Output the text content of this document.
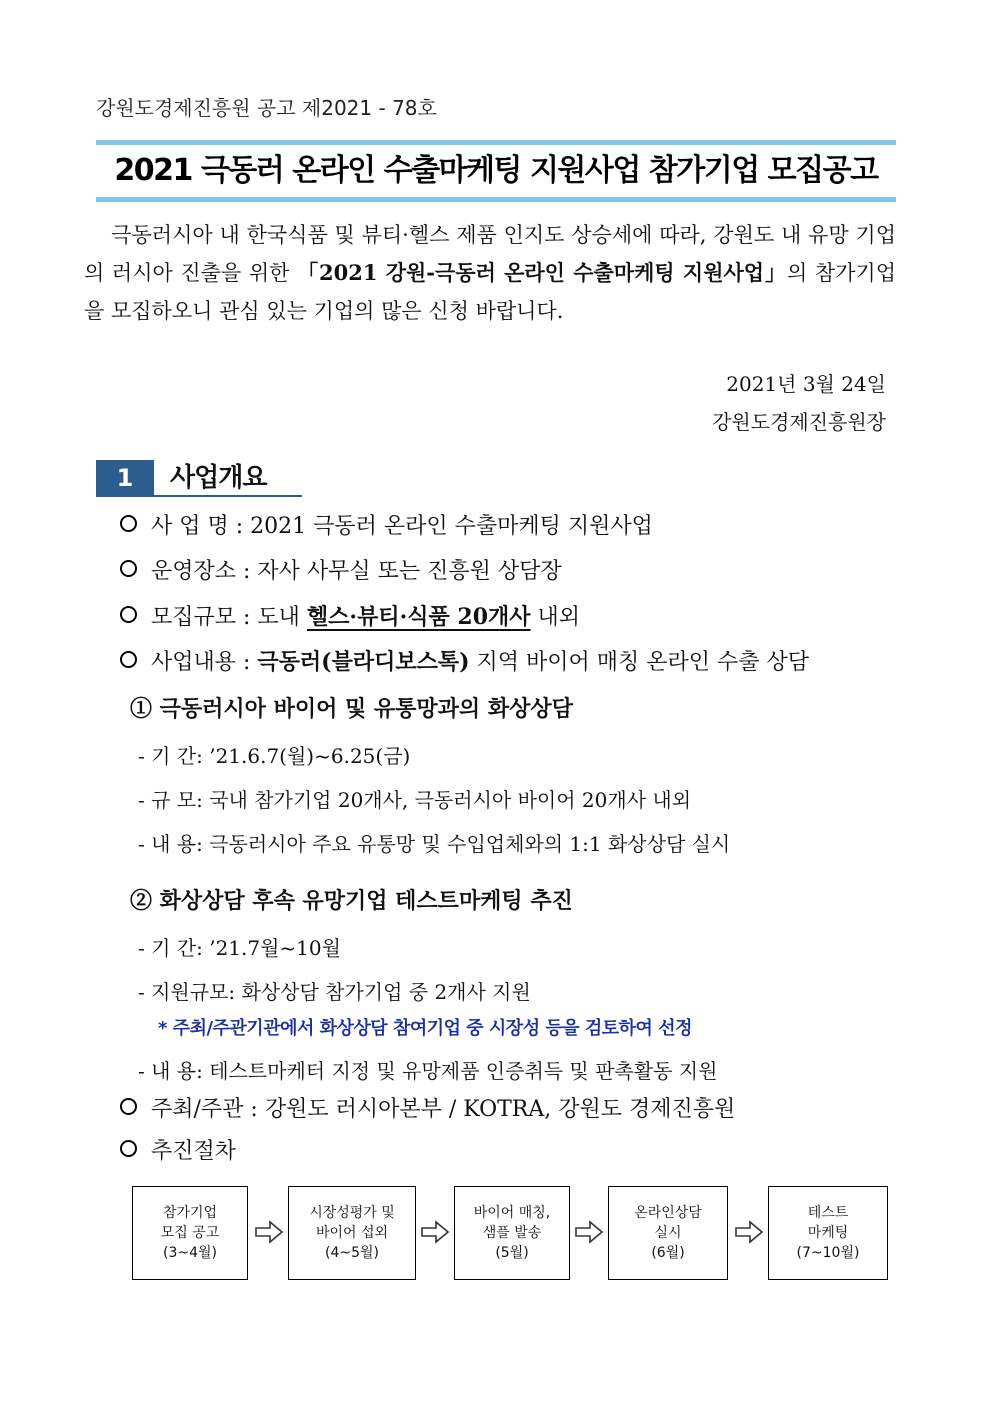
강원도경제진흥원 공고 제2021 - 78호
2021 극동러 온라인 수출마케팅 지원사업 참가기업 모집공고
극동러시아 내 한국식품 및 뷰티·헬스 제품 인지도 상승세에 따라, 강원도 내 유망 기업의 러시아 진출을 위한 「2021 강원-극동러 온라인 수출마케팅 지원사업」의 참가기업을 모집하오니 관심 있는 기업의 많은 신청 바랍니다.
2021년 3월 24일
강원도경제진흥원장
1	사업개요
사 업 명 : 2021 극동러 온라인 수출마케팅 지원사업
운영장소 : 자사 사무실 또는 진흥원 상담장
모집규모 : 도내 헬스·뷰티·식품 20개사 내외
사업내용 : 극동러(블라디보스톡) 지역 바이어 매칭 온라인 수출 상담
① 극동러시아 바이어 및 유통망과의 화상상담
- 기 간: ’21.6.7(월)~6.25(금)
- 규 모: 국내 참가기업 20개사, 극동러시아 바이어 20개사 내외
- 내 용: 극동러시아 주요 유통망 및 수입업체와의 1:1 화상상담 실시
② 화상상담 후속 유망기업 테스트마케팅 추진
- 기 간: ’21.7월~10월
- 지원규모: 화상상담 참가기업 중 2개사 지원
* 주최/주관기관에서 화상상담 참여기업 중 시장성 등을 검토하여 선정
- 내 용: 테스트마케터 지정 및 유망제품 인증취득 및 판촉활동 지원
주최/주관 : 강원도 러시아본부 / KOTRA, 강원도 경제진흥원
추진절차
참가기업
모집 공고
(3~4월)
시장성평가 및
바이어 섭외
(4~5월)
바이어 매칭,
샘플 발송
(5월)
온라인상담
실시
(6월)
테스트
마케팅
(7~10월)
